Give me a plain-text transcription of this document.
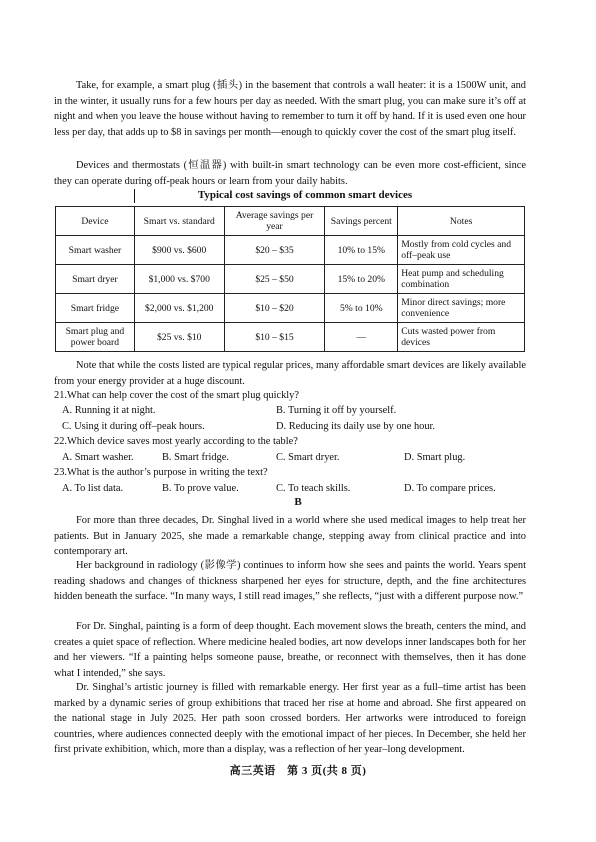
Take, for example, a smart plug (插头) in the basement that controls a wall heater: it is a 1500W unit, and in the winter, it usually runs for a few hours per day as needed. With the smart plug, you can make sure it’s off at night and when you leave the house without having to remember to turn it off by hand. If it is used even one hour less per day, that adds up to $8 in savings per month—enough to quickly cover the cost of the smart plug itself.
Devices and thermostats (恒温器) with built-in smart technology can be even more cost-efficient, since they can operate during off-peak hours or learn from your daily habits.
Typical cost savings of common smart devices
Device	Smart vs. standard	Average savings per year	Savings percent	Notes
Smart washer	$900 vs. $600	$20 – $35	10% to 15%	Mostly from cold cycles and off–peak use
Smart dryer	$1,000 vs. $700	$25 – $50	15% to 20%	Heat pump and scheduling combination
Smart fridge	$2,000 vs. $1,200	$10 – $20	5% to 10%	Minor direct savings; more convenience
Smart plug and power board	$25 vs. $10	$10 – $15	—	Cuts wasted power from devices
Note that while the costs listed are typical regular prices, many affordable smart devices are likely available from your energy provider at a huge discount.
21.What can help cover the cost of the smart plug quickly?
A. Running it at night.	B. Turning it off by yourself.
C. Using it during off–peak hours.	D. Reducing its daily use by one hour.
22.Which device saves most yearly according to the table?
A. Smart washer.	B. Smart fridge.	C. Smart dryer.	D. Smart plug.
23.What is the author’s purpose in writing the text?
A. To list data.	B. To prove value.	C. To teach skills.	D. To compare prices.
B
For more than three decades, Dr. Singhal lived in a world where she used medical images to help treat her patients. But in January 2025, she made a remarkable change, stepping away from clinical practice and into contemporary art.
Her background in radiology (影像学) continues to inform how she sees and paints the world. Years spent reading shadows and changes of thickness sharpened her eyes for structure, depth, and the fine architectures hidden beneath the surface. “In many ways, I still read images,” she reflects, “just with a different purpose now.”
For Dr. Singhal, painting is a form of deep thought. Each movement slows the breath, centers the mind, and creates a quiet space of reflection. Where medicine healed bodies, art now develops inner landscapes both for her and her viewers. “If a painting helps someone pause, breathe, or reconnect with themselves, then it has done what I intended,” she says.
Dr. Singhal’s artistic journey is filled with remarkable energy. Her first year as a full–time artist has been marked by a dynamic series of group exhibitions that traced her rise at home and abroad. She first appeared on the national stage in July 2025. Her path soon crossed borders. Her artworks were introduced to foreign countries, where audiences connected deeply with the emotional impact of her pieces. In December, she held her first private exhibition, which, more than a display, was a reflection of her year–long development.
高三英语　第 3 页(共 8 页)
